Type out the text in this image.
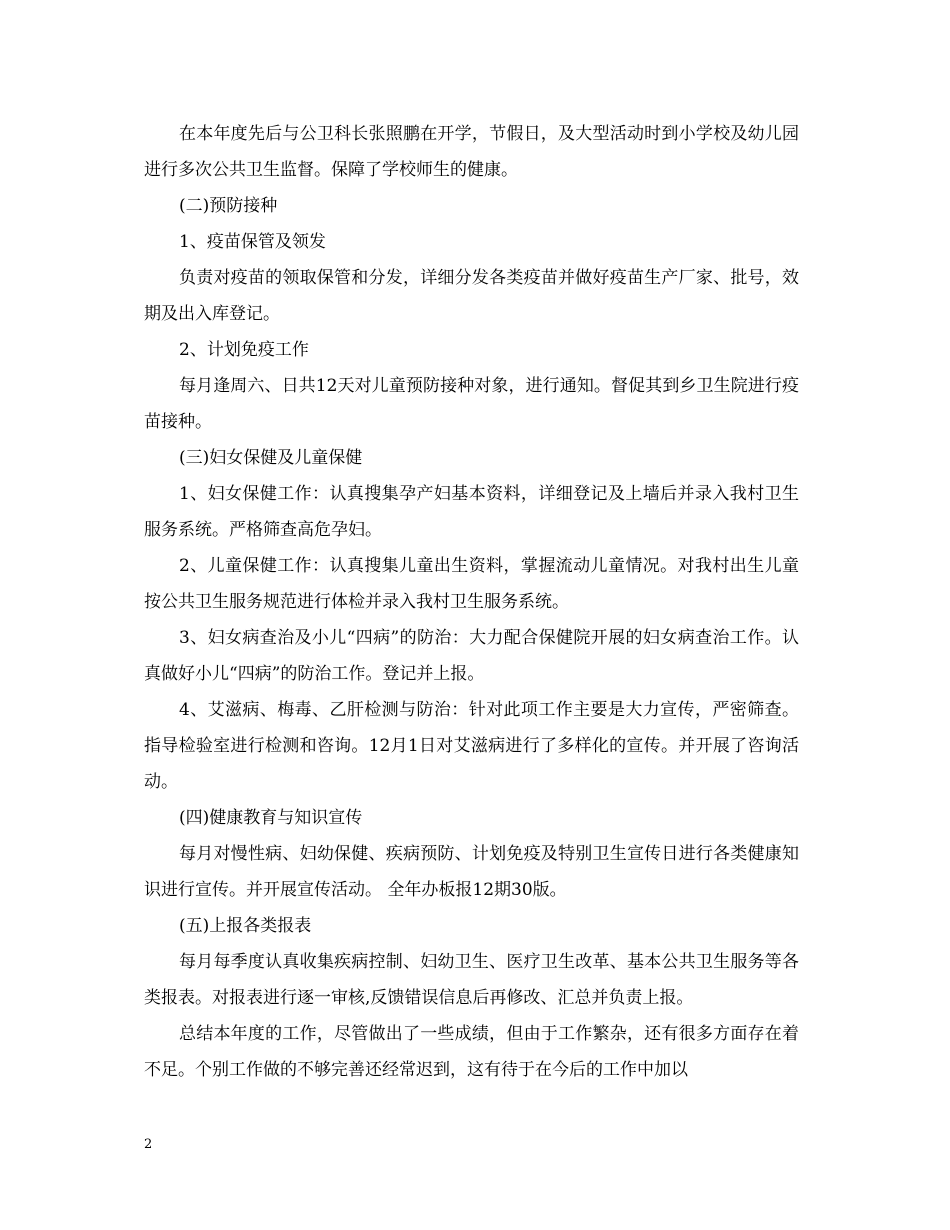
在本年度先后与公卫科长张照鹏在开学，节假日，及大型活动时到小学校及幼儿园进行多次公共卫生监督。保障了学校师生的健康。

(二)预防接种

1、疫苗保管及领发

负责对疫苗的领取保管和分发，详细分发各类疫苗并做好疫苗生产厂家、批号，效期及出入库登记。

2、计划免疫工作

每月逢周六、日共12天对儿童预防接种对象，进行通知。督促其到乡卫生院进行疫苗接种。

(三)妇女保健及儿童保健

1、妇女保健工作：认真搜集孕产妇基本资料，详细登记及上墙后并录入我村卫生服务系统。严格筛查高危孕妇。

2、儿童保健工作：认真搜集儿童出生资料，掌握流动儿童情况。对我村出生儿童按公共卫生服务规范进行体检并录入我村卫生服务系统。

3、妇女病查治及小儿“四病”的防治：大力配合保健院开展的妇女病查治工作。认真做好小儿“四病”的防治工作。登记并上报。

4、艾滋病、梅毒、乙肝检测与防治：针对此项工作主要是大力宣传，严密筛查。指导检验室进行检测和咨询。12月1日对艾滋病进行了多样化的宣传。并开展了咨询活动。

(四)健康教育与知识宣传

每月对慢性病、妇幼保健、疾病预防、计划免疫及特别卫生宣传日进行各类健康知识进行宣传。并开展宣传活动。 全年办板报12期30版。

(五)上报各类报表

每月每季度认真收集疾病控制、妇幼卫生、医疗卫生改革、基本公共卫生服务等各类报表。对报表进行逐一审核,反馈错误信息后再修改、汇总并负责上报。

总结本年度的工作，尽管做出了一些成绩，但由于工作繁杂，还有很多方面存在着不足。个别工作做的不够完善还经常迟到，这有待于在今后的工作中加以

2
